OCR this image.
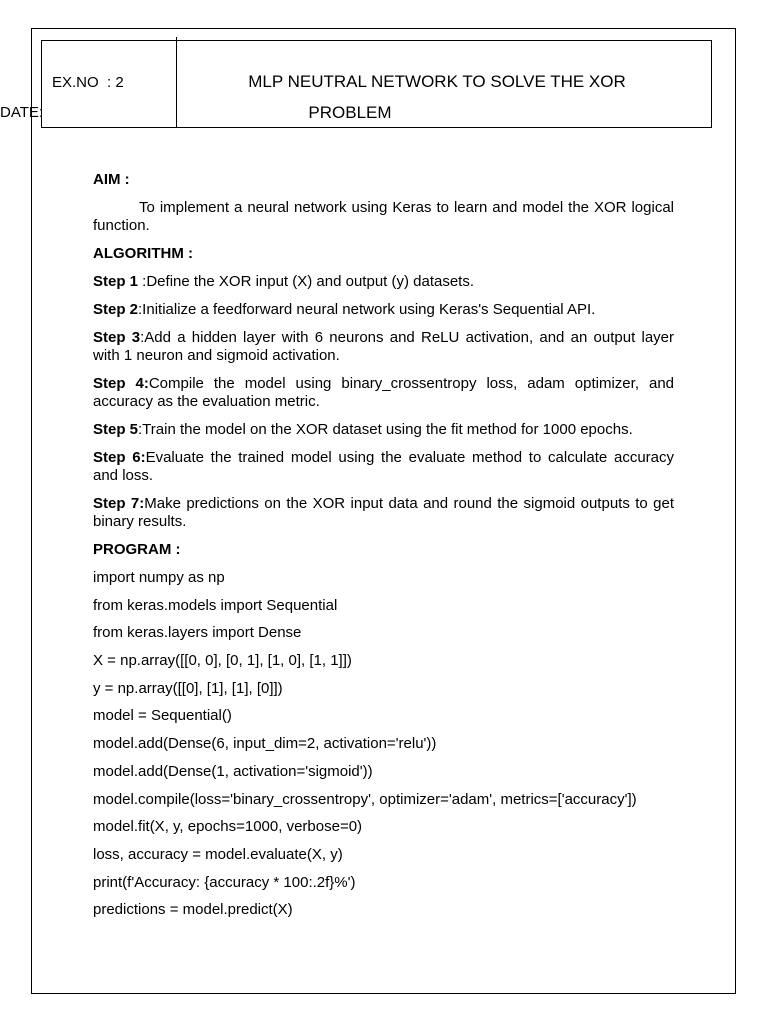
EX.NO  : 2
DATE:
MLP NEUTRAL NETWORK TO SOLVE THE XOR
PROBLEM

AIM :

To implement a neural network using Keras to learn and model the XOR logical function.

ALGORITHM :

Step 1 :Define the XOR input (X) and output (y) datasets.

Step 2:Initialize a feedforward neural network using Keras's Sequential API.

Step 3:Add a hidden layer with 6 neurons and ReLU activation, and an output layer with 1 neuron and sigmoid activation.

Step 4:Compile the model using binary_crossentropy loss, adam optimizer, and accuracy as the evaluation metric.

Step 5:Train the model on the XOR dataset using the fit method for 1000 epochs.

Step 6:Evaluate the trained model using the evaluate method to calculate accuracy and loss.

Step 7:Make predictions on the XOR input data and round the sigmoid outputs to get binary results.

PROGRAM :

import numpy as np

from keras.models import Sequential

from keras.layers import Dense

X = np.array([[0, 0], [0, 1], [1, 0], [1, 1]])

y = np.array([[0], [1], [1], [0]])

model = Sequential()

model.add(Dense(6, input_dim=2, activation='relu'))

model.add(Dense(1, activation='sigmoid'))

model.compile(loss='binary_crossentropy', optimizer='adam', metrics=['accuracy'])

model.fit(X, y, epochs=1000, verbose=0)

loss, accuracy = model.evaluate(X, y)

print(f'Accuracy: {accuracy * 100:.2f}%')

predictions = model.predict(X)
